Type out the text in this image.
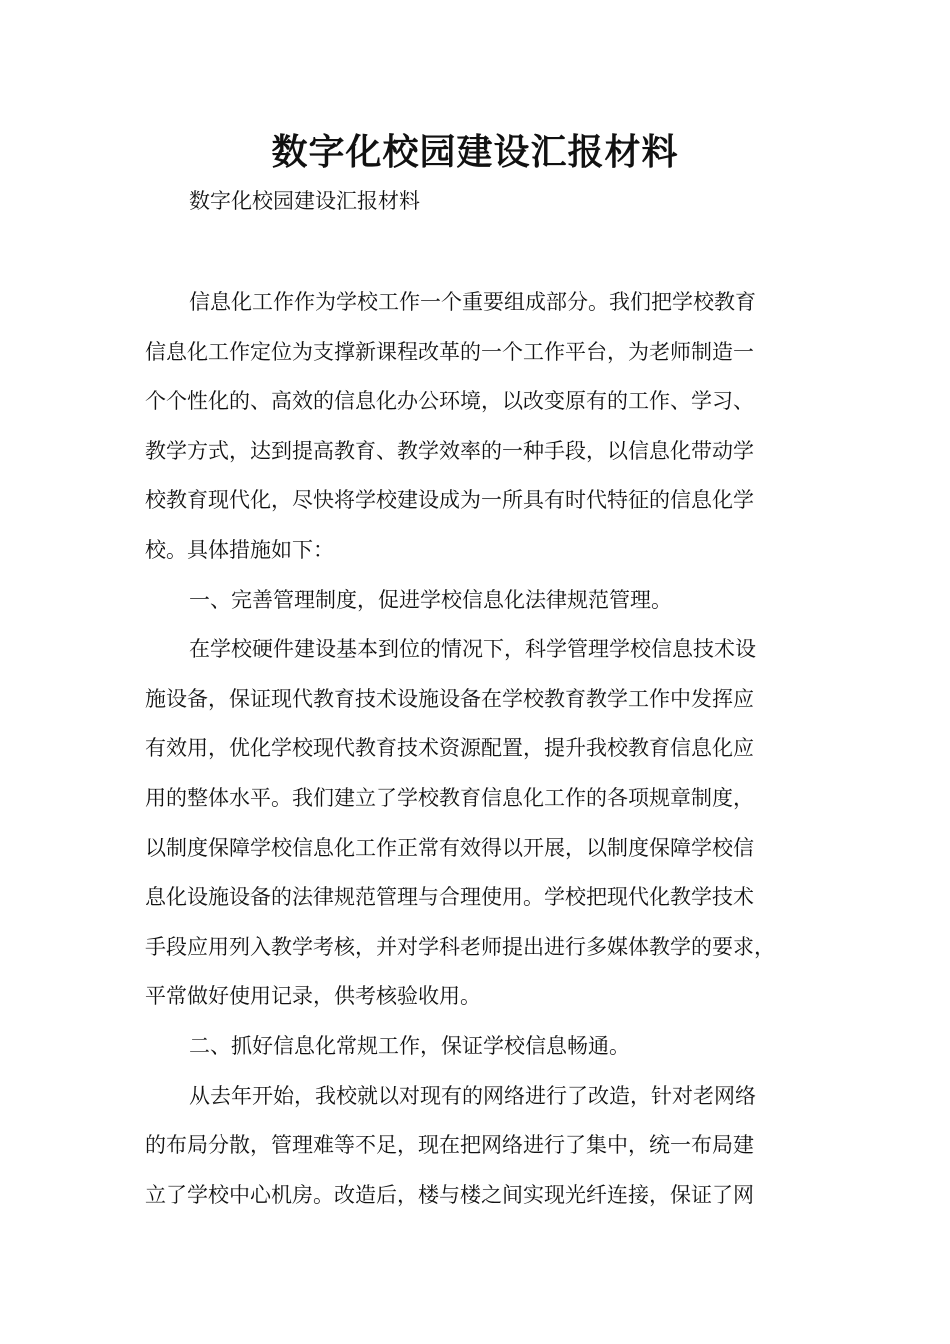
数字化校园建设汇报材料

数字化校园建设汇报材料

信息化工作作为学校工作一个重要组成部分。我们把学校教育

信息化工作定位为支撑新课程改革的一个工作平台，为老师制造一

个个性化的、高效的信息化办公环境，以改变原有的工作、学习、

教学方式，达到提高教育、教学效率的一种手段，以信息化带动学

校教育现代化，尽快将学校建设成为一所具有时代特征的信息化学

校。具体措施如下：

一、完善管理制度，促进学校信息化法律规范管理。

在学校硬件建设基本到位的情况下，科学管理学校信息技术设

施设备，保证现代教育技术设施设备在学校教育教学工作中发挥应

有效用，优化学校现代教育技术资源配置，提升我校教育信息化应

用的整体水平。我们建立了学校教育信息化工作的各项规章制度，

以制度保障学校信息化工作正常有效得以开展，以制度保障学校信

息化设施设备的法律规范管理与合理使用。学校把现代化教学技术

手段应用列入教学考核，并对学科老师提出进行多媒体教学的要求，

平常做好使用记录，供考核验收用。

二、抓好信息化常规工作，保证学校信息畅通。

从去年开始，我校就以对现有的网络进行了改造，针对老网络

的布局分散，管理难等不足，现在把网络进行了集中，统一布局建

立了学校中心机房。改造后，楼与楼之间实现光纤连接，保证了网
